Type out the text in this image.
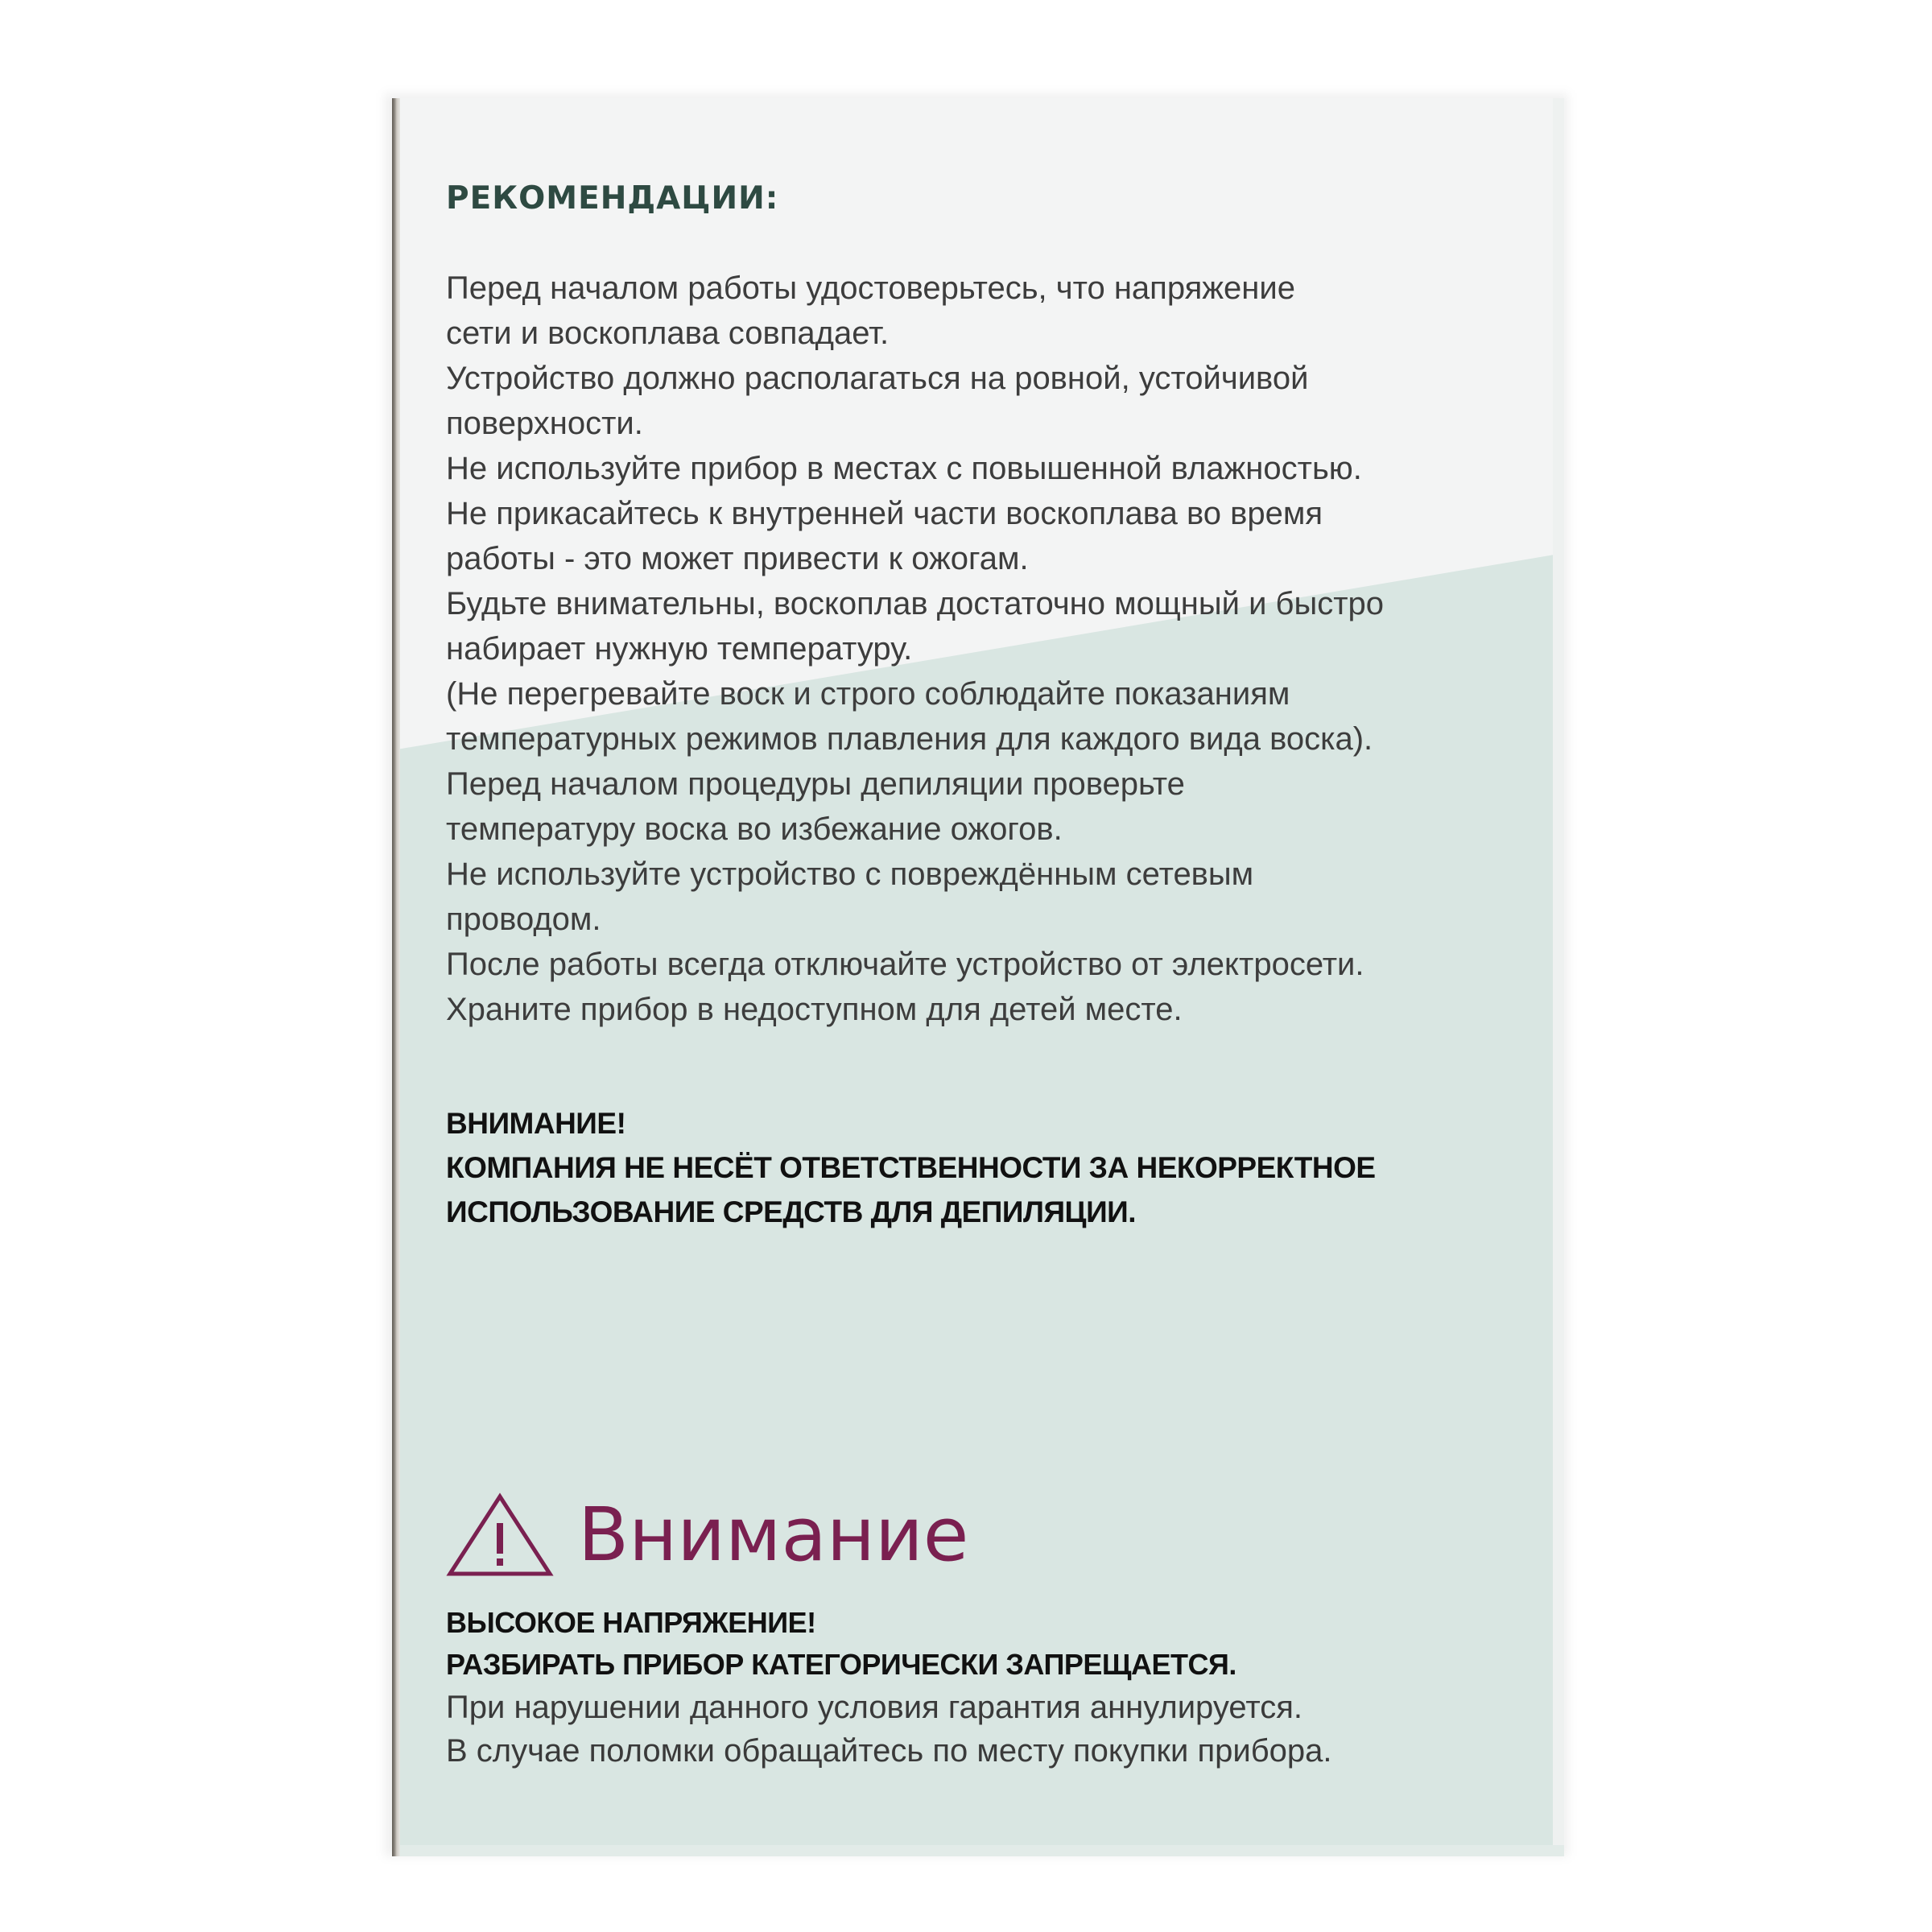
РЕКОМЕНДАЦИИ:
Перед началом работы удостоверьтесь, что напряжение
сети и воскоплава совпадает.
Устройство должно располагаться на ровной, устойчивой
поверхности.
Не используйте прибор в местах с повышенной влажностью.
Не прикасайтесь к внутренней части воскоплава во время
работы - это может привести к ожогам.
Будьте внимательны, воскоплав достаточно мощный и быстро
набирает нужную температуру.
(Не перегревайте воск и строго соблюдайте показаниям
температурных режимов плавления для каждого вида воска).
Перед началом процедуры депиляции проверьте
температуру воска во избежание ожогов.
Не используйте устройство с повреждённым сетевым
проводом.
После работы всегда отключайте устройство от электросети.
Храните прибор в недоступном для детей месте.
ВНИМАНИЕ!
КОМПАНИЯ НЕ НЕСЁТ ОТВЕТСТВЕННОСТИ ЗА НЕКОРРЕКТНОЕ
ИСПОЛЬЗОВАНИЕ СРЕДСТВ ДЛЯ ДЕПИЛЯЦИИ.
Внимание
ВЫСОКОЕ НАПРЯЖЕНИЕ!
РАЗБИРАТЬ ПРИБОР КАТЕГОРИЧЕСКИ ЗАПРЕЩАЕТСЯ.
При нарушении данного условия гарантия аннулируется.
В случае поломки обращайтесь по месту покупки прибора.
